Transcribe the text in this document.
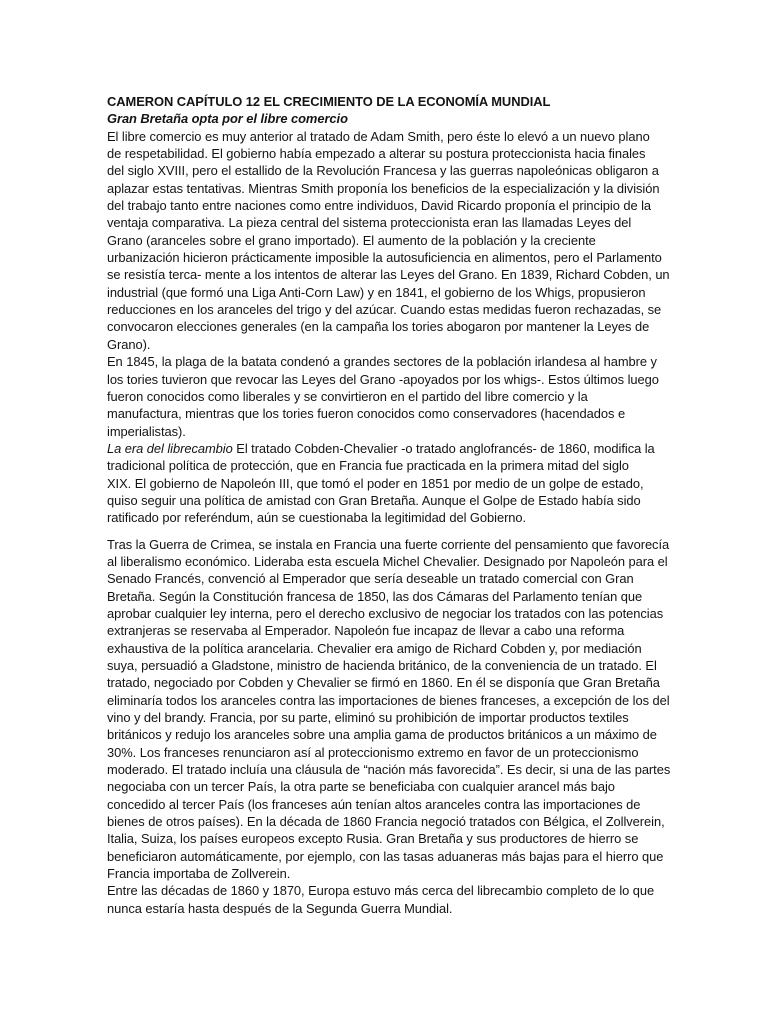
CAMERON CAPÍTULO 12 EL CRECIMIENTO DE LA ECONOMÍA MUNDIAL
Gran Bretaña opta por el libre comercio
El libre comercio es muy anterior al tratado de Adam Smith, pero éste lo elevó a un nuevo plano
de respetabilidad. El gobierno había empezado a alterar su postura proteccionista hacia finales
del siglo XVIII, pero el estallido de la Revolución Francesa y las guerras napoleónicas obligaron a
aplazar estas tentativas. Mientras Smith proponía los beneficios de la especialización y la división
del trabajo tanto entre naciones como entre individuos, David Ricardo proponía el principio de la
ventaja comparativa. La pieza central del sistema proteccionista eran las llamadas Leyes del
Grano (aranceles sobre el grano importado). El aumento de la población y la creciente
urbanización hicieron prácticamente imposible la autosuficiencia en alimentos, pero el Parlamento
se resistía terca- mente a los intentos de alterar las Leyes del Grano. En 1839, Richard Cobden, un
industrial (que formó una Liga Anti-Corn Law) y en 1841, el gobierno de los Whigs, propusieron
reducciones en los aranceles del trigo y del azúcar. Cuando estas medidas fueron rechazadas, se
convocaron elecciones generales (en la campaña los tories abogaron por mantener la Leyes de
Grano).
En 1845, la plaga de la batata condenó a grandes sectores de la población irlandesa al hambre y
los tories tuvieron que revocar las Leyes del Grano -apoyados por los whigs-. Estos últimos luego
fueron conocidos como liberales y se convirtieron en el partido del libre comercio y la
manufactura, mientras que los tories fueron conocidos como conservadores (hacendados e
imperialistas).
La era del librecambio El tratado Cobden-Chevalier -o tratado anglofrancés- de 1860, modifica la
tradicional política de protección, que en Francia fue practicada en la primera mitad del siglo
XIX. El gobierno de Napoleón III, que tomó el poder en 1851 por medio de un golpe de estado,
quiso seguir una política de amistad con Gran Bretaña. Aunque el Golpe de Estado había sido
ratificado por referéndum, aún se cuestionaba la legitimidad del Gobierno.
Tras la Guerra de Crimea, se instala en Francia una fuerte corriente del pensamiento que favorecía
al liberalismo económico. Lideraba esta escuela Michel Chevalier. Designado por Napoleón para el
Senado Francés, convenció al Emperador que sería deseable un tratado comercial con Gran
Bretaña. Según la Constitución francesa de 1850, las dos Cámaras del Parlamento tenían que
aprobar cualquier ley interna, pero el derecho exclusivo de negociar los tratados con las potencias
extranjeras se reservaba al Emperador. Napoleón fue incapaz de llevar a cabo una reforma
exhaustiva de la política arancelaria. Chevalier era amigo de Richard Cobden y, por mediación
suya, persuadió a Gladstone, ministro de hacienda británico, de la conveniencia de un tratado. El
tratado, negociado por Cobden y Chevalier se firmó en 1860. En él se disponía que Gran Bretaña
eliminaría todos los aranceles contra las importaciones de bienes franceses, a excepción de los del
vino y del brandy. Francia, por su parte, eliminó su prohibición de importar productos textiles
británicos y redujo los aranceles sobre una amplia gama de productos británicos a un máximo de
30%. Los franceses renunciaron así al proteccionismo extremo en favor de un proteccionismo
moderado. El tratado incluía una cláusula de “nación más favorecida”. Es decir, si una de las partes
negociaba con un tercer País, la otra parte se beneficiaba con cualquier arancel más bajo
concedido al tercer País (los franceses aún tenían altos aranceles contra las importaciones de
bienes de otros países). En la década de 1860 Francia negoció tratados con Bélgica, el Zollverein,
Italia, Suiza, los países europeos excepto Rusia. Gran Bretaña y sus productores de hierro se
beneficiaron automáticamente, por ejemplo, con las tasas aduaneras más bajas para el hierro que
Francia importaba de Zollverein.
Entre las décadas de 1860 y 1870, Europa estuvo más cerca del librecambio completo de lo que
nunca estaría hasta después de la Segunda Guerra Mundial.
